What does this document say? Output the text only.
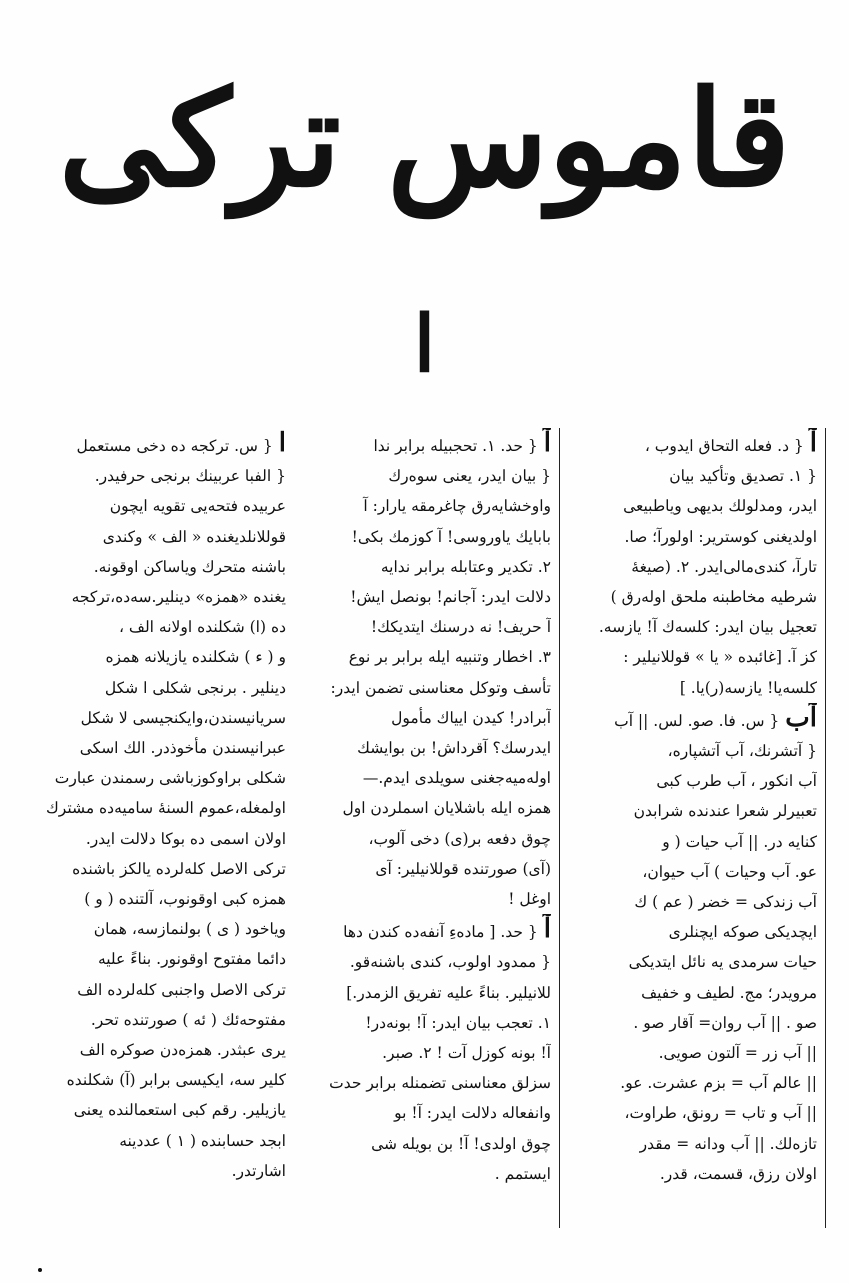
قاموس تركى
ا
ا{ س. تركجه ده دخى مستعمل
{ الفبا عربينك برنجى حرفيدر.
عربيده فتحه‌يى تقويه ايچون
قوللانلديغنده « الف » وكندى
باشنه متحرك وياساكن اوقونه.
يغنده «همزه» دينلير.سه‌ده،تركجه
ده (ا) شكلنده اولانه الف ،
و ( ء ) شكلنده يازيلانه همزه
دينلير . برنجى شكلى ا شكل
سريانيسندن،وايكنجيسى لا شكل
عبرانيسندن مأخوذدر. الك اسكى
شكلى براوكوزباشى رسمندن عبارت
اولمغله،عموم السنهٔ ساميه‌ده مشترك
اولان اسمى ده بوكا دلالت ايدر.
تركى الاصل كله‌لرده يالكز باشنده
همزه كبى اوقونوب، آلتنده ( و )
وياخود ( ى ) بولنمازسه، همان
دائما مفتوح اوقونور. بناءً عليه
تركى الاصل واجنبى كله‌لرده الف
مفتوحه‌ئك ( ئه ) صورتنده تحر.
يرى عبثدر. همزه‌دن صوكره الف
كلير سه، ايكيسى برابر (آ) شكلنده
يازيلير. رقم كبى استعمالنده يعنى
ابجد حسابنده ( ١ ) عددينه
اشارتدر.
آ{ حد. ١. تحجبيله برابر ندا
{ بيان ايدر، يعنى سوه‌رك
واوخشايه‌رق چاغرمقه يارار: آ
بابا‌يك ياوروسى! آ كوزمك بكى!
٢. تكدير وعتابله برابر ندايه
دلالت ايدر: آجانم! بونصل ايش!
آ حريف! نه درسنك ايتديكك!
٣. اخطار وتنبيه ايله برابر بر نوع
تأسف وتوكل معناسنى تضمن ايدر:
آبرادر! كيدن ايياك مأمول
ايدرسك؟ آقرداش! بن بوايشك
اوله‌ميه‌جغنى سويلدى ايدم.—
همزه ايله باشلايان اسملردن اول
چوق دفعه بر(ى) دخى آلوب،
(آى) صورتنده قوللانيلير: آى
اوغل !
آ{ حد. [ ماده‌ءِ آنفه‌ده كندن دها
{ ممدود اولوب، كندى باشنه‌قو.
للانيلير. بناءً عليه تفريق الزمدر.]
١. تعجب بيان ايدر: آ! بونه‌در!
آ! بونه كوزل آت ! ٢. صبر.
سزلق معناسنى تضمنله برابر حدت
وانفعاله دلالت ايدر: آ! بو
چوق اولدى! آ! بن بويله شى
ايستمم .
آ{ د. فعله التحاق ايدوب ،
{ ١. تصديق وتأكيد بيان
ايدر، ومدلولك بديهى وياطبيعى
اولديغنى كوسترير: اولورآ؛ صا.
تارآ، كندى‌مالى‌ايدر. ٢. (صيغهٔ
شرطيه مخاطبنه ملحق اوله‌رق )
تعجيل بيان ايدر: كلسه‌ك آ! يازسه.
كز آ. [غائبده « يا » قوللانيلير :
كلسه‌يا! يازسه‌(ر)يا. ]
آب{ س. فا. صو. لس. || آب
{ آتشرنك، آب آتشپاره،
آب انكور ، آب طرب كبى
تعبيرلر شعرا عندنده شرابدن
كنايه در. || آب حيات ( و
عو. آب وحيات ) آب حيوان،
آب زندكى = خضر ( عم ) ك
ايچديكى صوكه ايچنلرى
حيات سرمدى يه نائل ايتديكى
مرويدر؛ مج. لطيف و خفيف
صو . || آب روان= آقار صو .
|| آب زر = آلتون صويى.
|| عالم آب = بزم عشرت. عو.
|| آب و تاب = رونق، طراوت،
تازه‌لك. || آب ودانه = مقدر
اولان رزق، قسمت، قدر.
